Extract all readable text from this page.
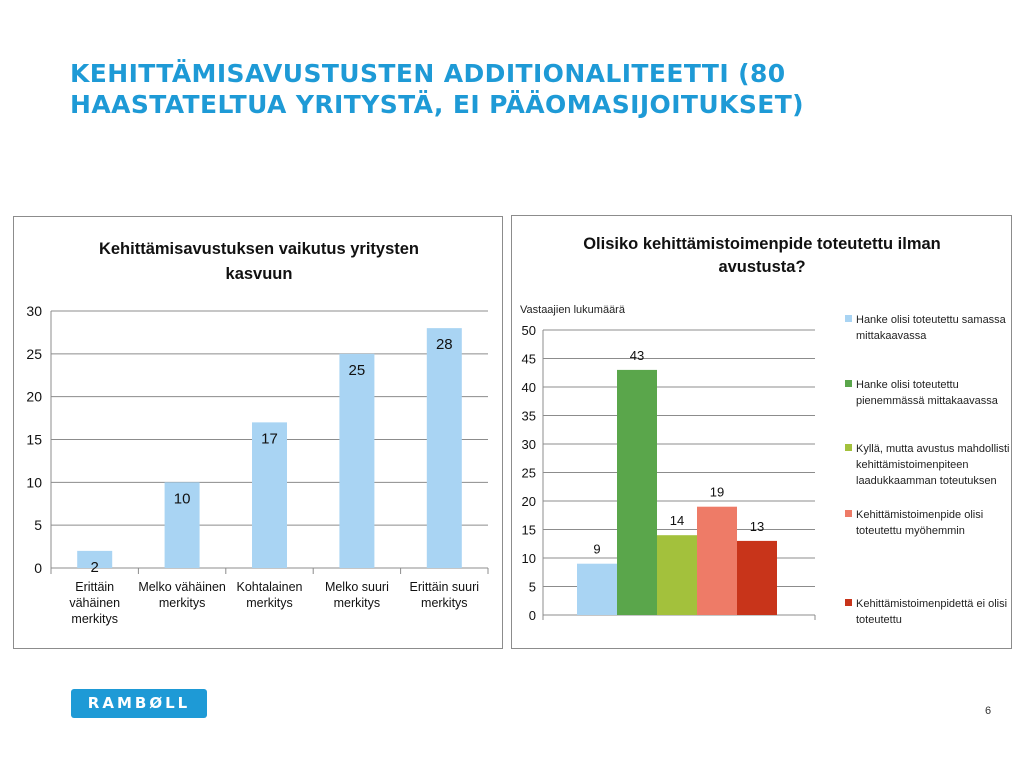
KEHITTÄMISAVUSTUSTEN ADDITIONALITEETTI (80
HAASTATELTUA YRITYSTÄ, EI PÄÄOMASIJOITUKSET)
Kehittämisavustuksen vaikutus yritysten
kasvuun
0
5
10
15
20
25
30
2
Erittäin
vähäinen
merkitys
10
Melko vähäinen
merkitys
17
Kohtalainen
merkitys
25
Melko suuri
merkitys
28
Erittäin suuri
merkitys
Olisiko kehittämistoimenpide toteutettu ilman
avustusta?
Vastaajien lukumäärä
0
5
10
15
20
25
30
35
40
45
50
9
43
14
19
13
Hanke olisi toteutettu samassa
mittakaavassa
Hanke olisi toteutettu
pienemmässä mittakaavassa
Kyllä, mutta avustus mahdollisti
kehittämistoimenpiteen
laadukkaamman toteutuksen
Kehittämistoimenpide olisi
toteutettu myöhemmin
Kehittämistoimenpidettä ei olisi
toteutettu
RAMBØLL	6
